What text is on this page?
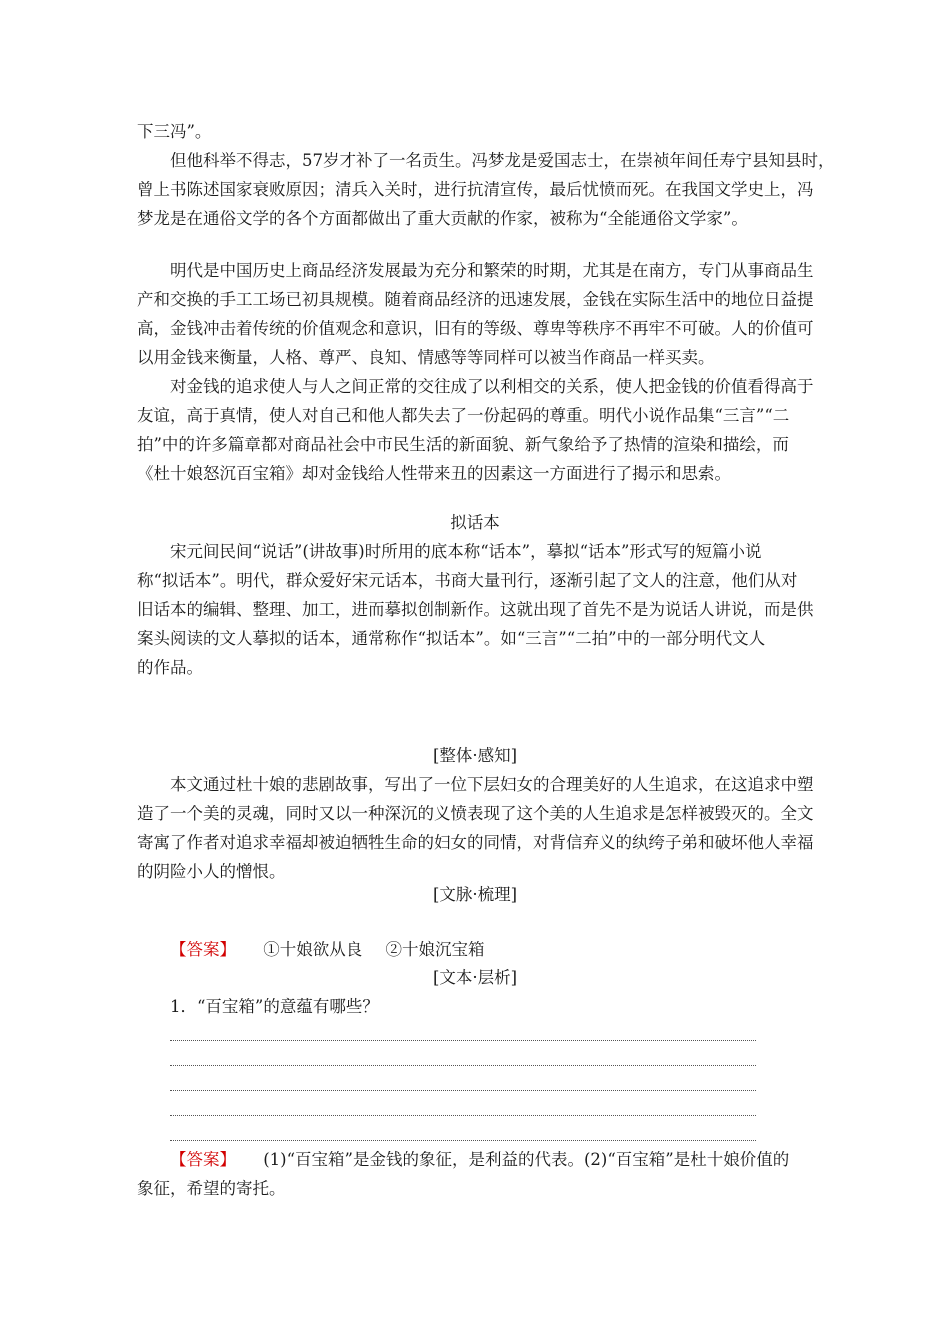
下三冯”。
　　但他科举不得志，57岁才补了一名贡生。冯梦龙是爱国志士，在崇祯年间任寿宁县知县时，
曾上书陈述国家衰败原因；清兵入关时，进行抗清宣传，最后忧愤而死。在我国文学史上，冯
梦龙是在通俗文学的各个方面都做出了重大贡献的作家，被称为“全能通俗文学家”。
　　明代是中国历史上商品经济发展最为充分和繁荣的时期，尤其是在南方，专门从事商品生
产和交换的手工工场已初具规模。随着商品经济的迅速发展，金钱在实际生活中的地位日益提
高，金钱冲击着传统的价值观念和意识，旧有的等级、尊卑等秩序不再牢不可破。人的价值可
以用金钱来衡量，人格、尊严、良知、情感等等同样可以被当作商品一样买卖。
　　对金钱的追求使人与人之间正常的交往成了以利相交的关系，使人把金钱的价值看得高于
友谊，高于真情，使人对自己和他人都失去了一份起码的尊重。明代小说作品集“三言”“二
拍”中的许多篇章都对商品社会中市民生活的新面貌、新气象给予了热情的渲染和描绘，而
《杜十娘怒沉百宝箱》却对金钱给人性带来丑的因素这一方面进行了揭示和思索。
拟话本
　　宋元间民间“说话”(讲故事)时所用的底本称“话本”，摹拟“话本”形式写的短篇小说
称“拟话本”。明代，群众爱好宋元话本，书商大量刊行，逐渐引起了文人的注意，他们从对
旧话本的编辑、整理、加工，进而摹拟创制新作。这就出现了首先不是为说话人讲说，而是供
案头阅读的文人摹拟的话本，通常称作“拟话本”。如“三言”“二拍”中的一部分明代文人
的作品。
[整体·感知]
　　本文通过杜十娘的悲剧故事，写出了一位下层妇女的合理美好的人生追求，在这追求中塑
造了一个美的灵魂，同时又以一种深沉的义愤表现了这个美的人生追求是怎样被毁灭的。全文
寄寓了作者对追求幸福却被迫牺牲生命的妇女的同情，对背信弃义的纨绔子弟和破坏他人幸福
的阴险小人的憎恨。
[文脉·梳理]
【答案】 ①十娘欲从良 ②十娘沉宝箱
[文本·层析]
1．“百宝箱”的意蕴有哪些？
【答案】 (1)“百宝箱”是金钱的象征，是利益的代表。(2)“百宝箱”是杜十娘价值的
象征，希望的寄托。
